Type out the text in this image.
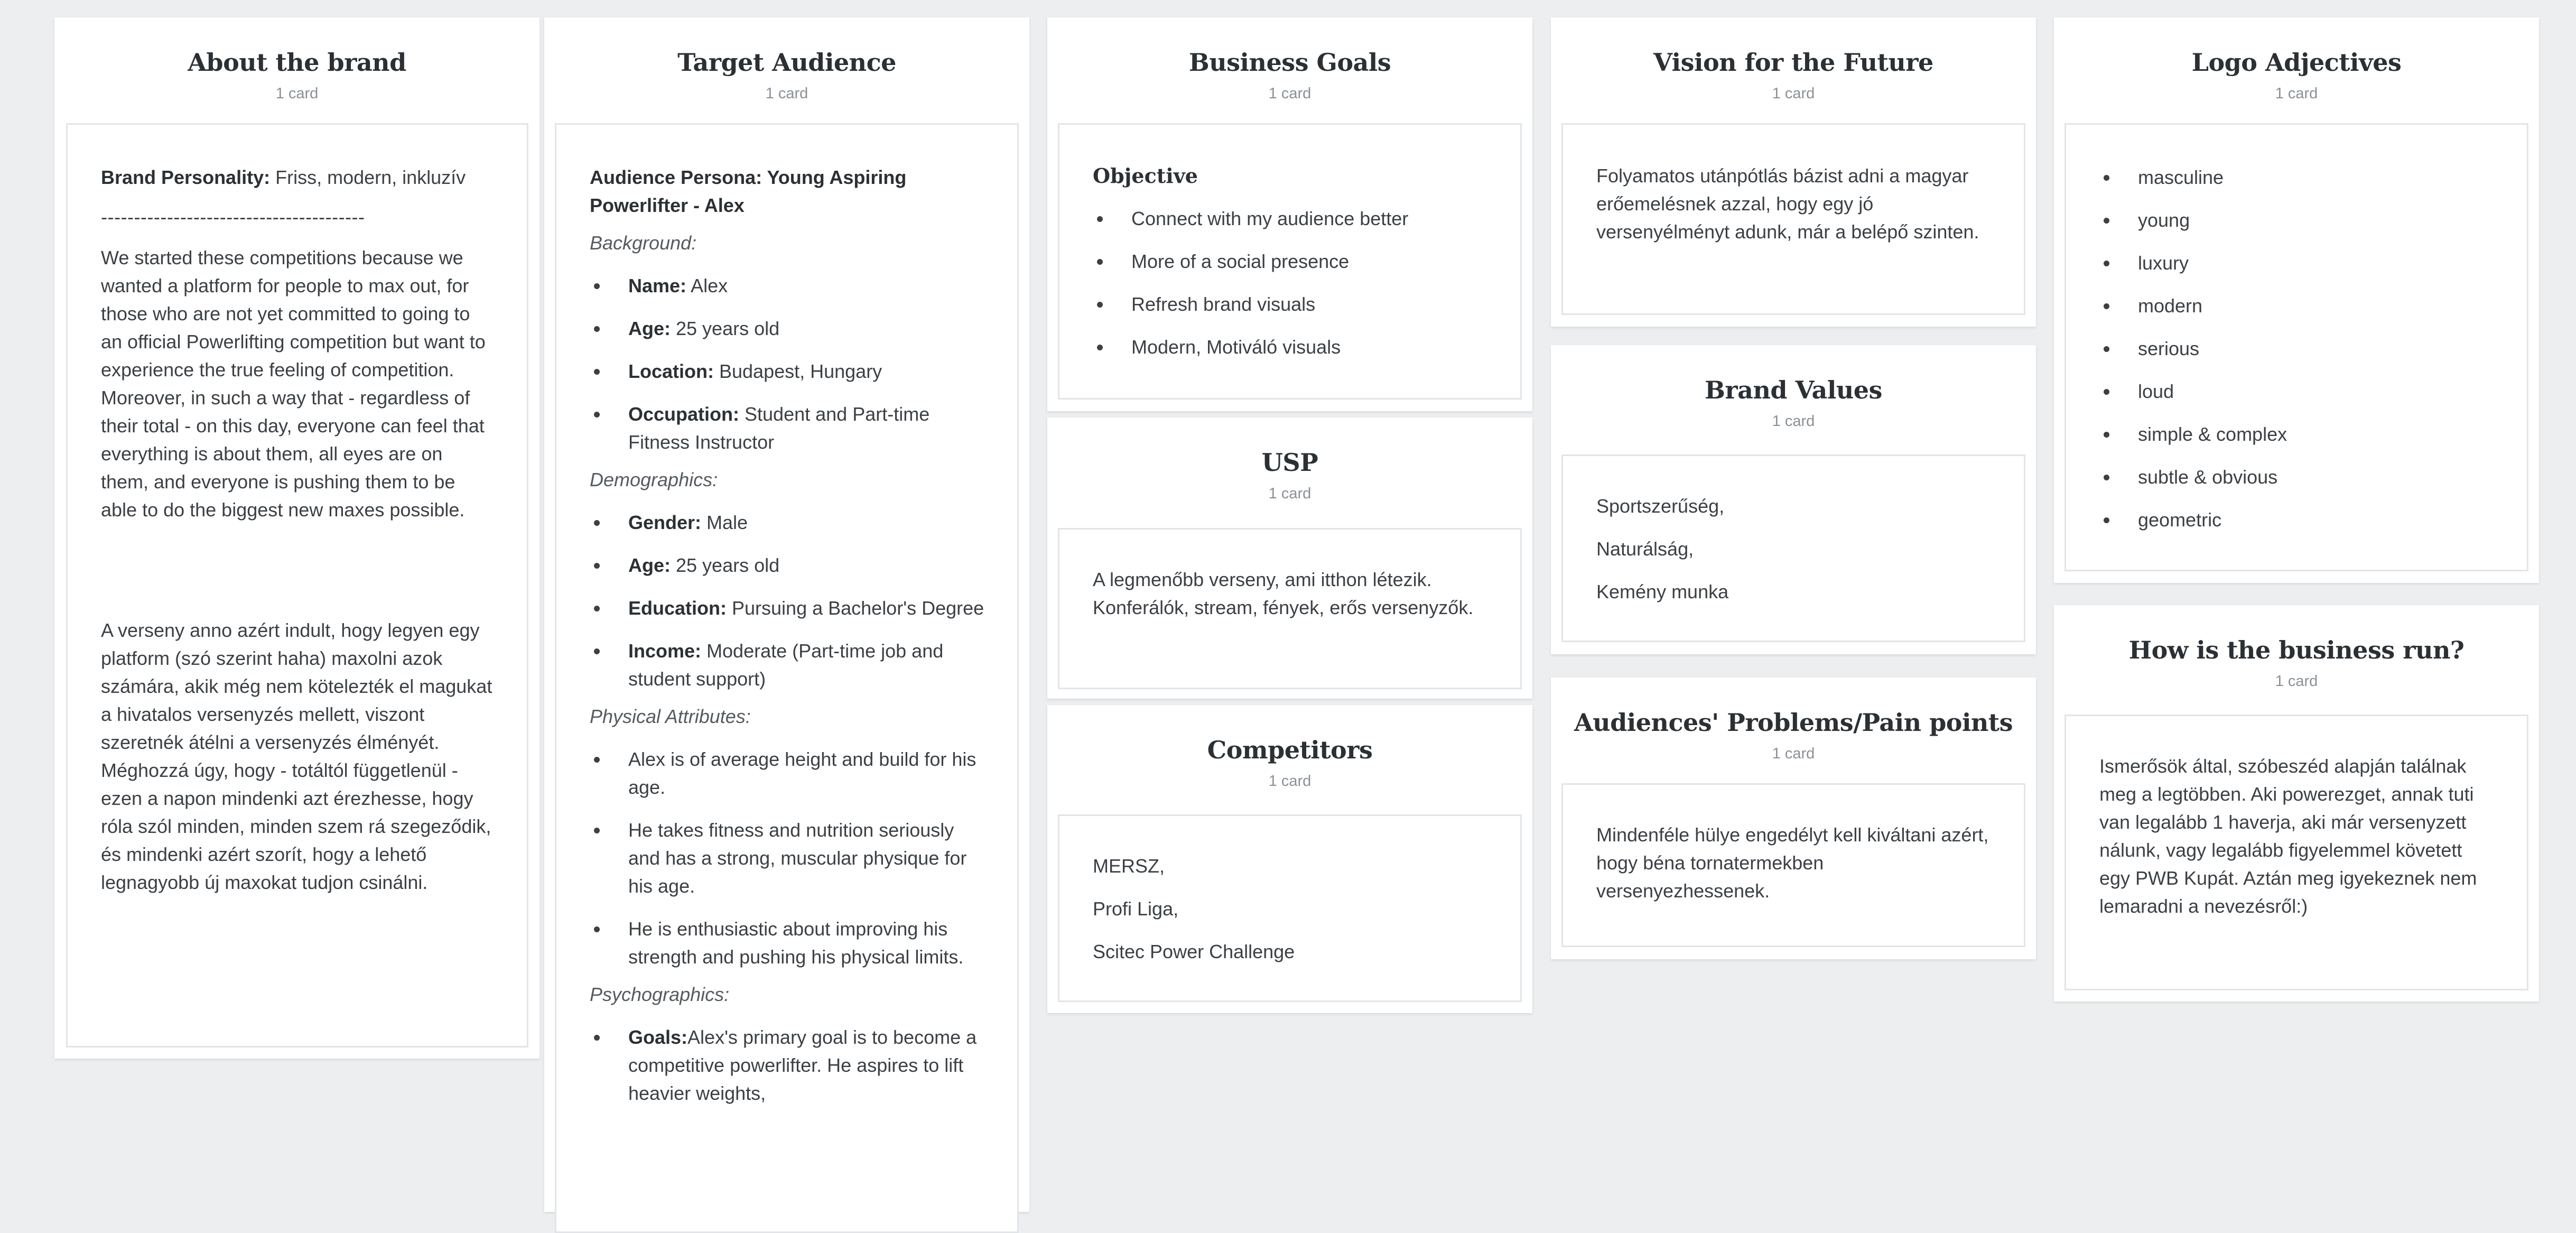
About the brand
1 card

Brand Personality: Friss, modern, inkluzív

----------------------------------------

We started these competitions because we wanted a platform for people to max out, for those who are not yet committed to going to an official Powerlifting competition but want to experience the true feeling of competition. Moreover, in such a way that - regardless of their total - on this day, everyone can feel that everything is about them, all eyes are on them, and everyone is pushing them to be able to do the biggest new maxes possible.

A verseny anno azért indult, hogy legyen egy platform (szó szerint haha) maxolni azok számára, akik még nem kötelezték el magukat a hivatalos versenyzés mellett, viszont szeretnék átélni a versenyzés élményét. Méghozzá úgy, hogy - totáltól függetlenül - ezen a napon mindenki azt érezhesse, hogy róla szól minden, minden szem rá szegeződik, és mindenki azért szorít, hogy a lehető legnagyobb új maxokat tudjon csinálni.

Target Audience
1 card

Audience Persona: Young Aspiring Powerlifter - Alex

Background:

Name: Alex
Age: 25 years old
Location: Budapest, Hungary
Occupation: Student and Part-time Fitness Instructor

Demographics:

Gender: Male
Age: 25 years old
Education: Pursuing a Bachelor's Degree
Income: Moderate (Part-time job and student support)

Physical Attributes:

Alex is of average height and build for his age.
He takes fitness and nutrition seriously and has a strong, muscular physique for his age.
He is enthusiastic about improving his strength and pushing his physical limits.

Psychographics:

Goals:Alex's primary goal is to become a competitive powerlifter. He aspires to lift heavier weights,
Business Goals
1 card

Objective

Connect with my audience better
More of a social presence
Refresh brand visuals
Modern, Motiváló visuals
USP
1 card

A legmenőbb verseny, ami itthon létezik. Konferálók, stream, fények, erős versenyzők.

Competitors
1 card

MERSZ,

Profi Liga,

Scitec Power Challenge

Vision for the Future
1 card

Folyamatos utánpótlás bázist adni a magyar erőemelésnek azzal, hogy egy jó versenyélményt adunk, már a belépő szinten.

Brand Values
1 card

Sportszerűség,

Naturálság,

Kemény munka

Audiences' Problems/Pain points
1 card

Mindenféle hülye engedélyt kell kiváltani azért, hogy béna tornatermekben versenyezhessenek.

Logo Adjectives
1 card
masculine
young
luxury
modern
serious
loud
simple & complex
subtle & obvious
geometric
How is the business run?
1 card

Ismerősök által, szóbeszéd alapján találnak meg a legtöbben. Aki powerezget, annak tuti van legalább 1 haverja, aki már versenyzett nálunk, vagy legalább figyelemmel követett egy PWB Kupát. Aztán meg igyekeznek nem lemaradni a nevezésről:)
